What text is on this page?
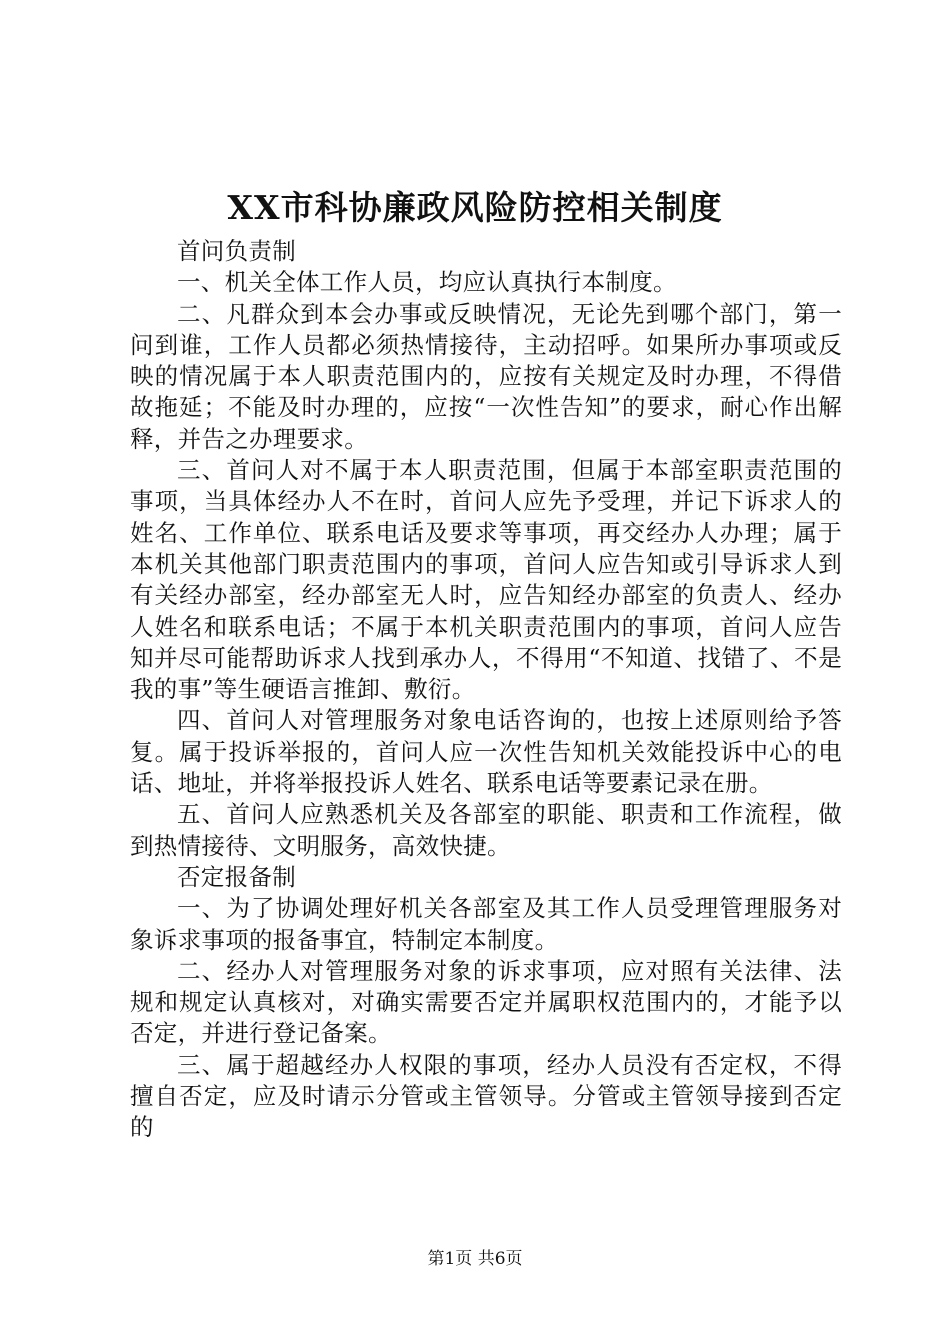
XX市科协廉政风险防控相关制度

首问负责制

一、机关全体工作人员，均应认真执行本制度。

二、凡群众到本会办事或反映情况，无论先到哪个部门，第一问到谁，工作人员都必须热情接待，主动招呼。如果所办事项或反映的情况属于本人职责范围内的，应按有关规定及时办理，不得借故拖延；不能及时办理的，应按“一次性告知”的要求，耐心作出解释，并告之办理要求。

三、首问人对不属于本人职责范围，但属于本部室职责范围的事项，当具体经办人不在时，首问人应先予受理，并记下诉求人的姓名、工作单位、联系电话及要求等事项，再交经办人办理；属于本机关其他部门职责范围内的事项，首问人应告知或引导诉求人到有关经办部室，经办部室无人时，应告知经办部室的负责人、经办人姓名和联系电话；不属于本机关职责范围内的事项，首问人应告知并尽可能帮助诉求人找到承办人，不得用“不知道、找错了、不是我的事”等生硬语言推卸、敷衍。

四、首问人对管理服务对象电话咨询的，也按上述原则给予答复。属于投诉举报的，首问人应一次性告知机关效能投诉中心的电话、地址，并将举报投诉人姓名、联系电话等要素记录在册。

五、首问人应熟悉机关及各部室的职能、职责和工作流程，做到热情接待、文明服务，高效快捷。

否定报备制

一、为了协调处理好机关各部室及其工作人员受理管理服务对象诉求事项的报备事宜，特制定本制度。

二、经办人对管理服务对象的诉求事项，应对照有关法律、法规和规定认真核对，对确实需要否定并属职权范围内的，才能予以否定，并进行登记备案。

三、属于超越经办人权限的事项，经办人员没有否定权，不得擅自否定，应及时请示分管或主管领导。分管或主管领导接到否定的

第1页 共6页
